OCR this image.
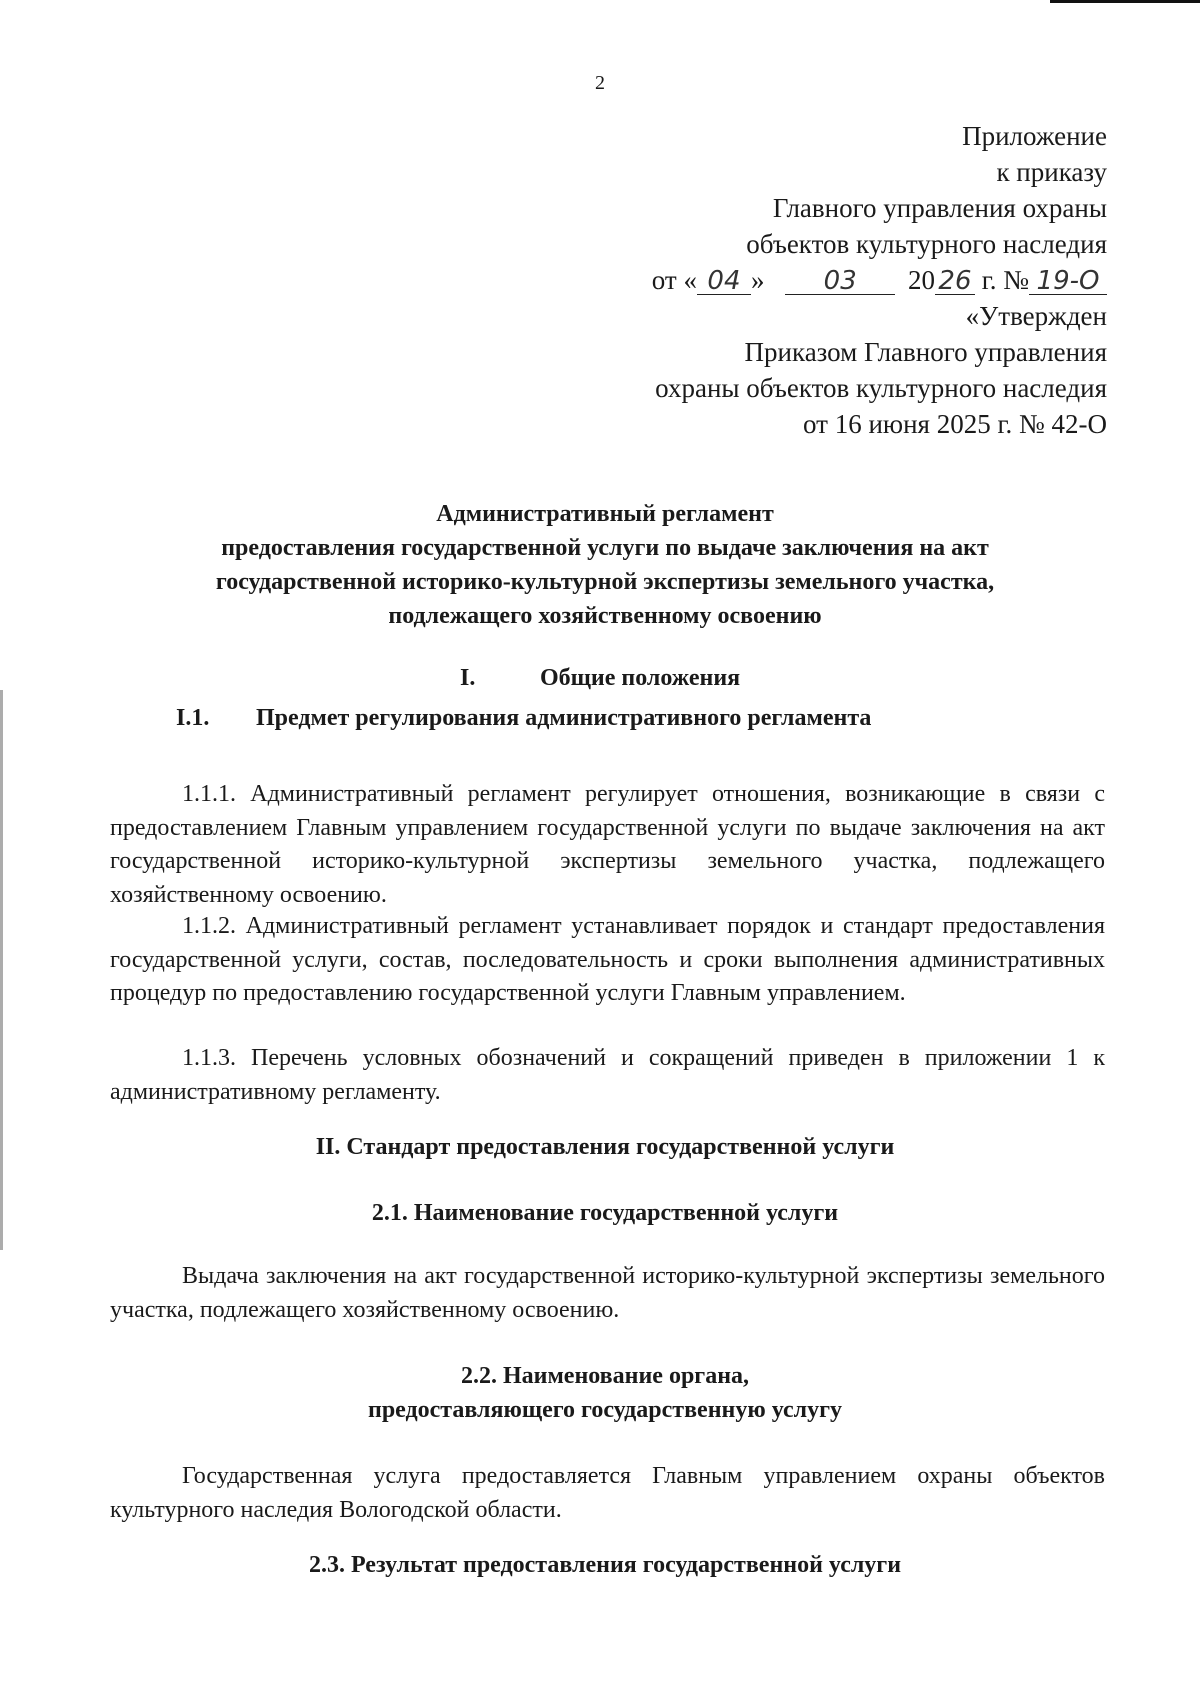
2
Приложение
к приказу
Главного управления охраны
объектов культурного наследия
от « 04 » 03 20 26 г. № 19-О
«Утвержден
Приказом Главного управления
охраны объектов культурного наследия
от 16 июня 2025 г. № 42-О
Административный регламент
предоставления государственной услуги по выдаче заключения на акт
государственной историко-культурной экспертизы земельного участка,
подлежащего хозяйственному освоению
I.	Общие положения
I.1. Предмет регулирования административного регламента
1.1.1. Административный регламент регулирует отношения, возникающие в связи с предоставлением Главным управлением государственной услуги по выдаче заключения на акт государственной историко-культурной экспертизы земельного участка, подлежащего хозяйственному освоению.
1.1.2. Административный регламент устанавливает порядок и стандарт предоставления государственной услуги, состав, последовательность и сроки выполнения административных процедур по предоставлению государственной услуги Главным управлением.
1.1.3. Перечень условных обозначений и сокращений приведен в приложении 1 к административному регламенту.
II. Стандарт предоставления государственной услуги
2.1. Наименование государственной услуги
Выдача заключения на акт государственной историко-культурной экспертизы земельного участка, подлежащего хозяйственному освоению.
2.2. Наименование органа,
предоставляющего государственную услугу
Государственная услуга предоставляется Главным управлением охраны объектов культурного наследия Вологодской области.
2.3. Результат предоставления государственной услуги
